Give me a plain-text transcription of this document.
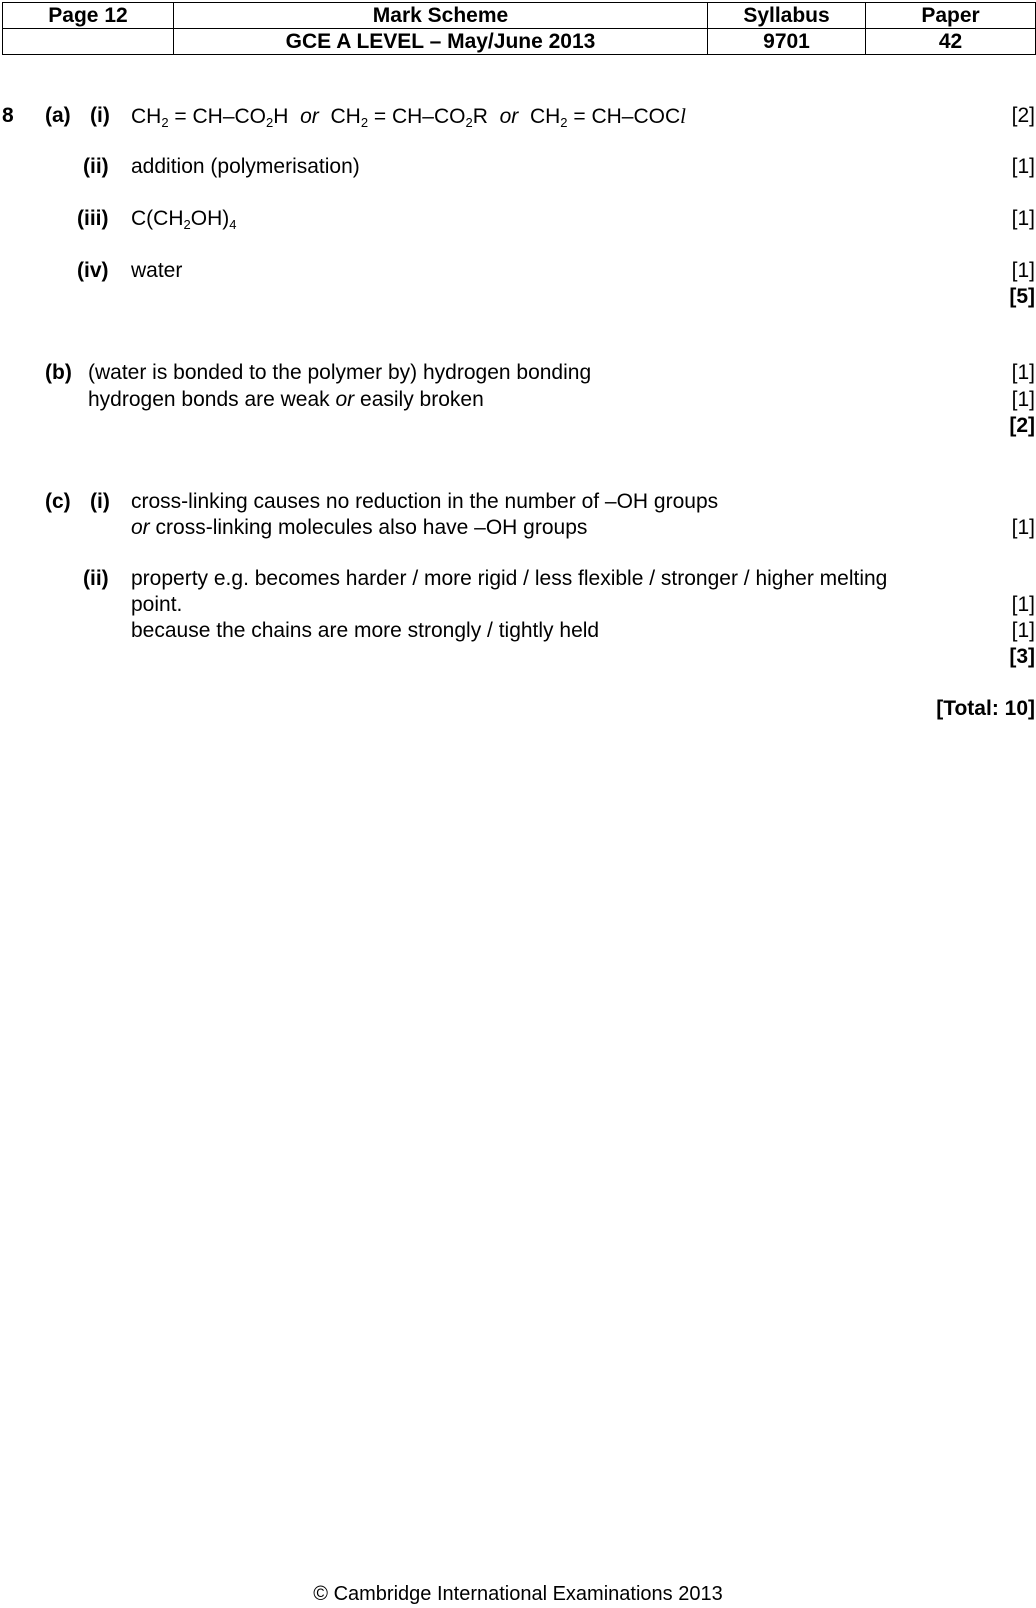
Page 12	Mark Scheme	Syllabus	Paper
	GCE A LEVEL – May/June 2013	9701	42
8 (a) (i) $CH_2 = CH-CO_2H$ or $CH_2 = CH-CO_2R$ or $CH_2$ = CH–COCl	[2]
(ii) addition (polymerisation)	[1]
(iii) $C(CH_2OH)_4$	[1]
(iv) water	[1]
[5]
(b) (water is bonded to the polymer by) hydrogen bonding	[1]
hydrogen bonds are weak or easily broken	[1]
[2]
(c) (i) cross-linking causes no reduction in the number of –OH groups
or cross-linking molecules also have –OH groups	[1]
(ii) property e.g. becomes harder / more rigid / less flexible / stronger / higher melting
point.	[1]
because the chains are more strongly / tightly held	[1]
[3]
[Total: 10]
© Cambridge International Examinations 2013
